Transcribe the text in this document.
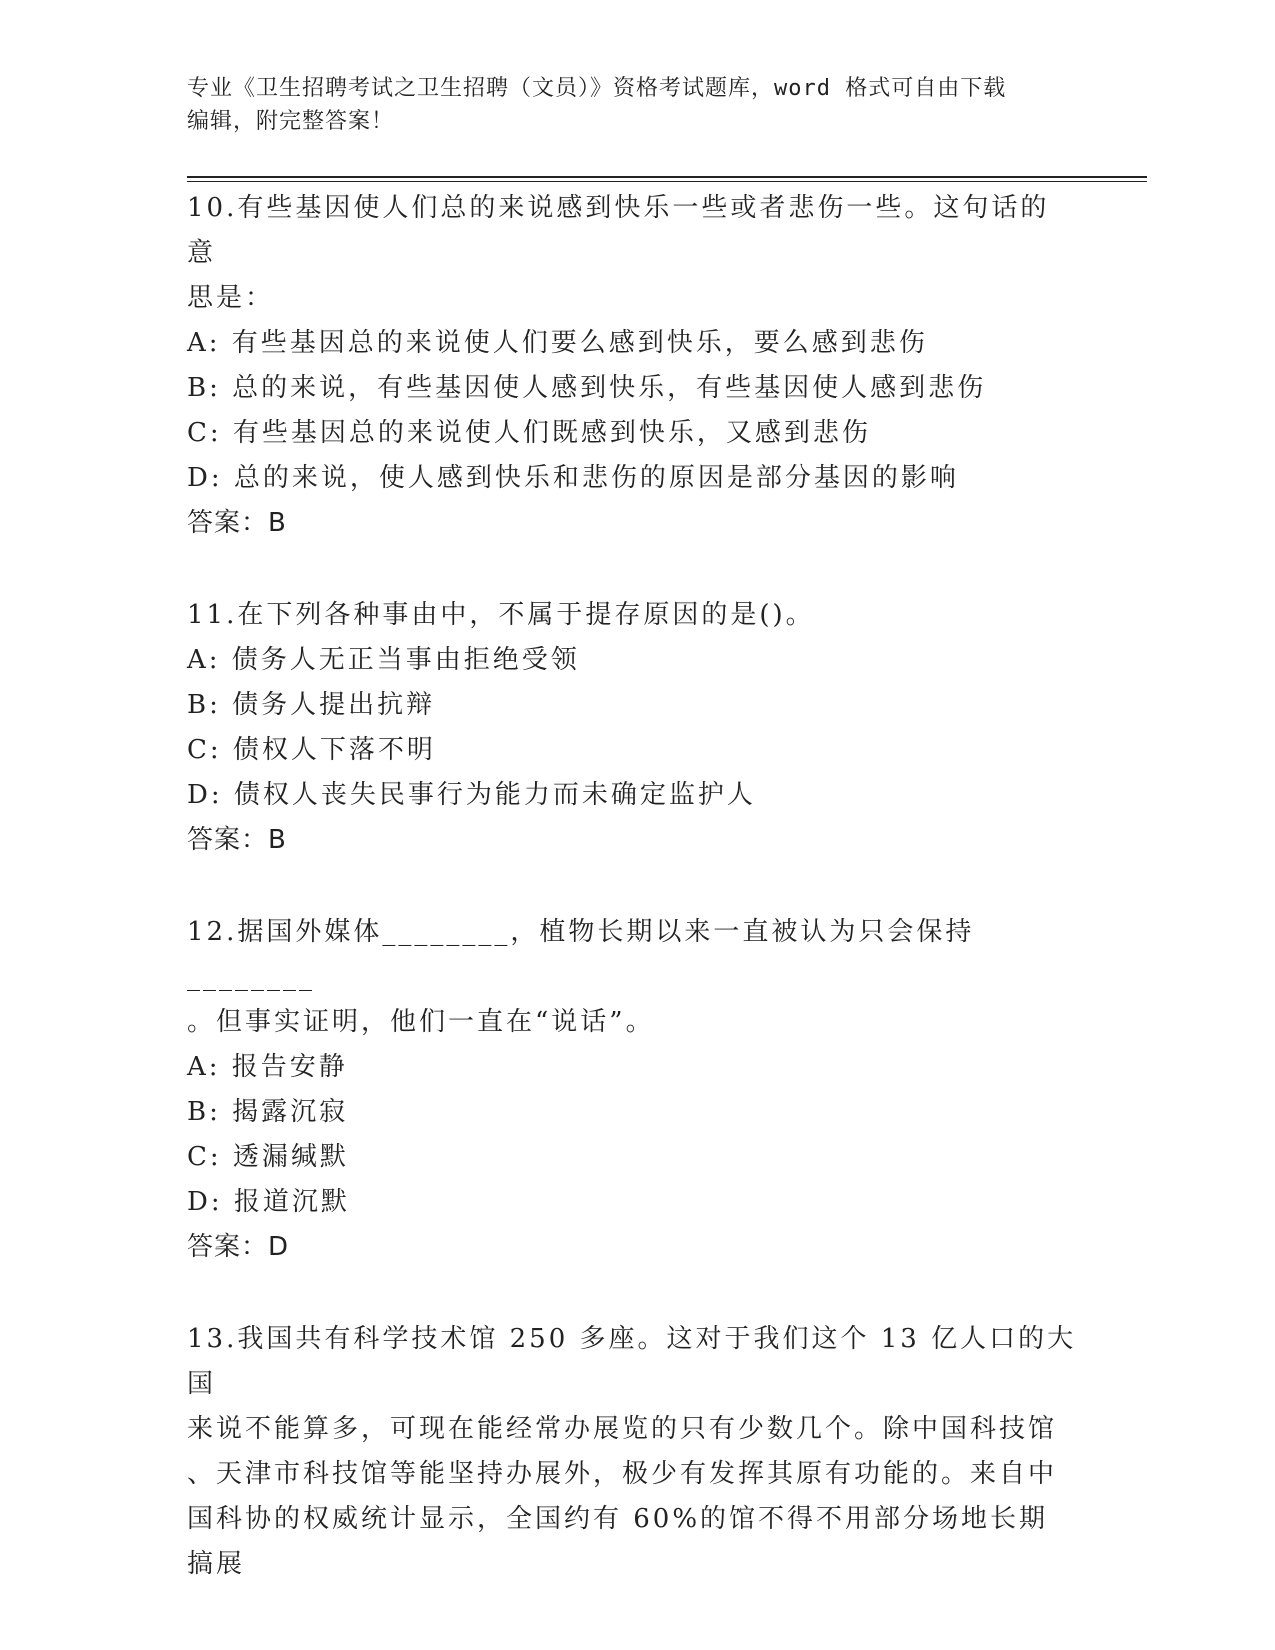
专业《卫生招聘考试之卫生招聘（文员）》资格考试题库，word 格式可自由下载
编辑，附完整答案！
10.有些基因使人们总的来说感到快乐一些或者悲伤一些。这句话的意
思是：
A: 有些基因总的来说使人们要么感到快乐，要么感到悲伤
B: 总的来说，有些基因使人感到快乐，有些基因使人感到悲伤
C: 有些基因总的来说使人们既感到快乐，又感到悲伤
D: 总的来说，使人感到快乐和悲伤的原因是部分基因的影响
答案：B
11.在下列各种事由中，不属于提存原因的是()。
A: 债务人无正当事由拒绝受领
B: 债务人提出抗辩
C: 债权人下落不明
D: 债权人丧失民事行为能力而未确定监护人
答案：B
12.据国外媒体________，植物长期以来一直被认为只会保持________
。但事实证明，他们一直在“说话”。
A: 报告安静
B: 揭露沉寂
C: 透漏缄默
D: 报道沉默
答案：D
13.我国共有科学技术馆 250 多座。这对于我们这个 13 亿人口的大国
来说不能算多，可现在能经常办展览的只有少数几个。除中国科技馆
、天津市科技馆等能坚持办展外，极少有发挥其原有功能的。来自中
国科协的权威统计显示，全国约有 60%的馆不得不用部分场地长期搞展
